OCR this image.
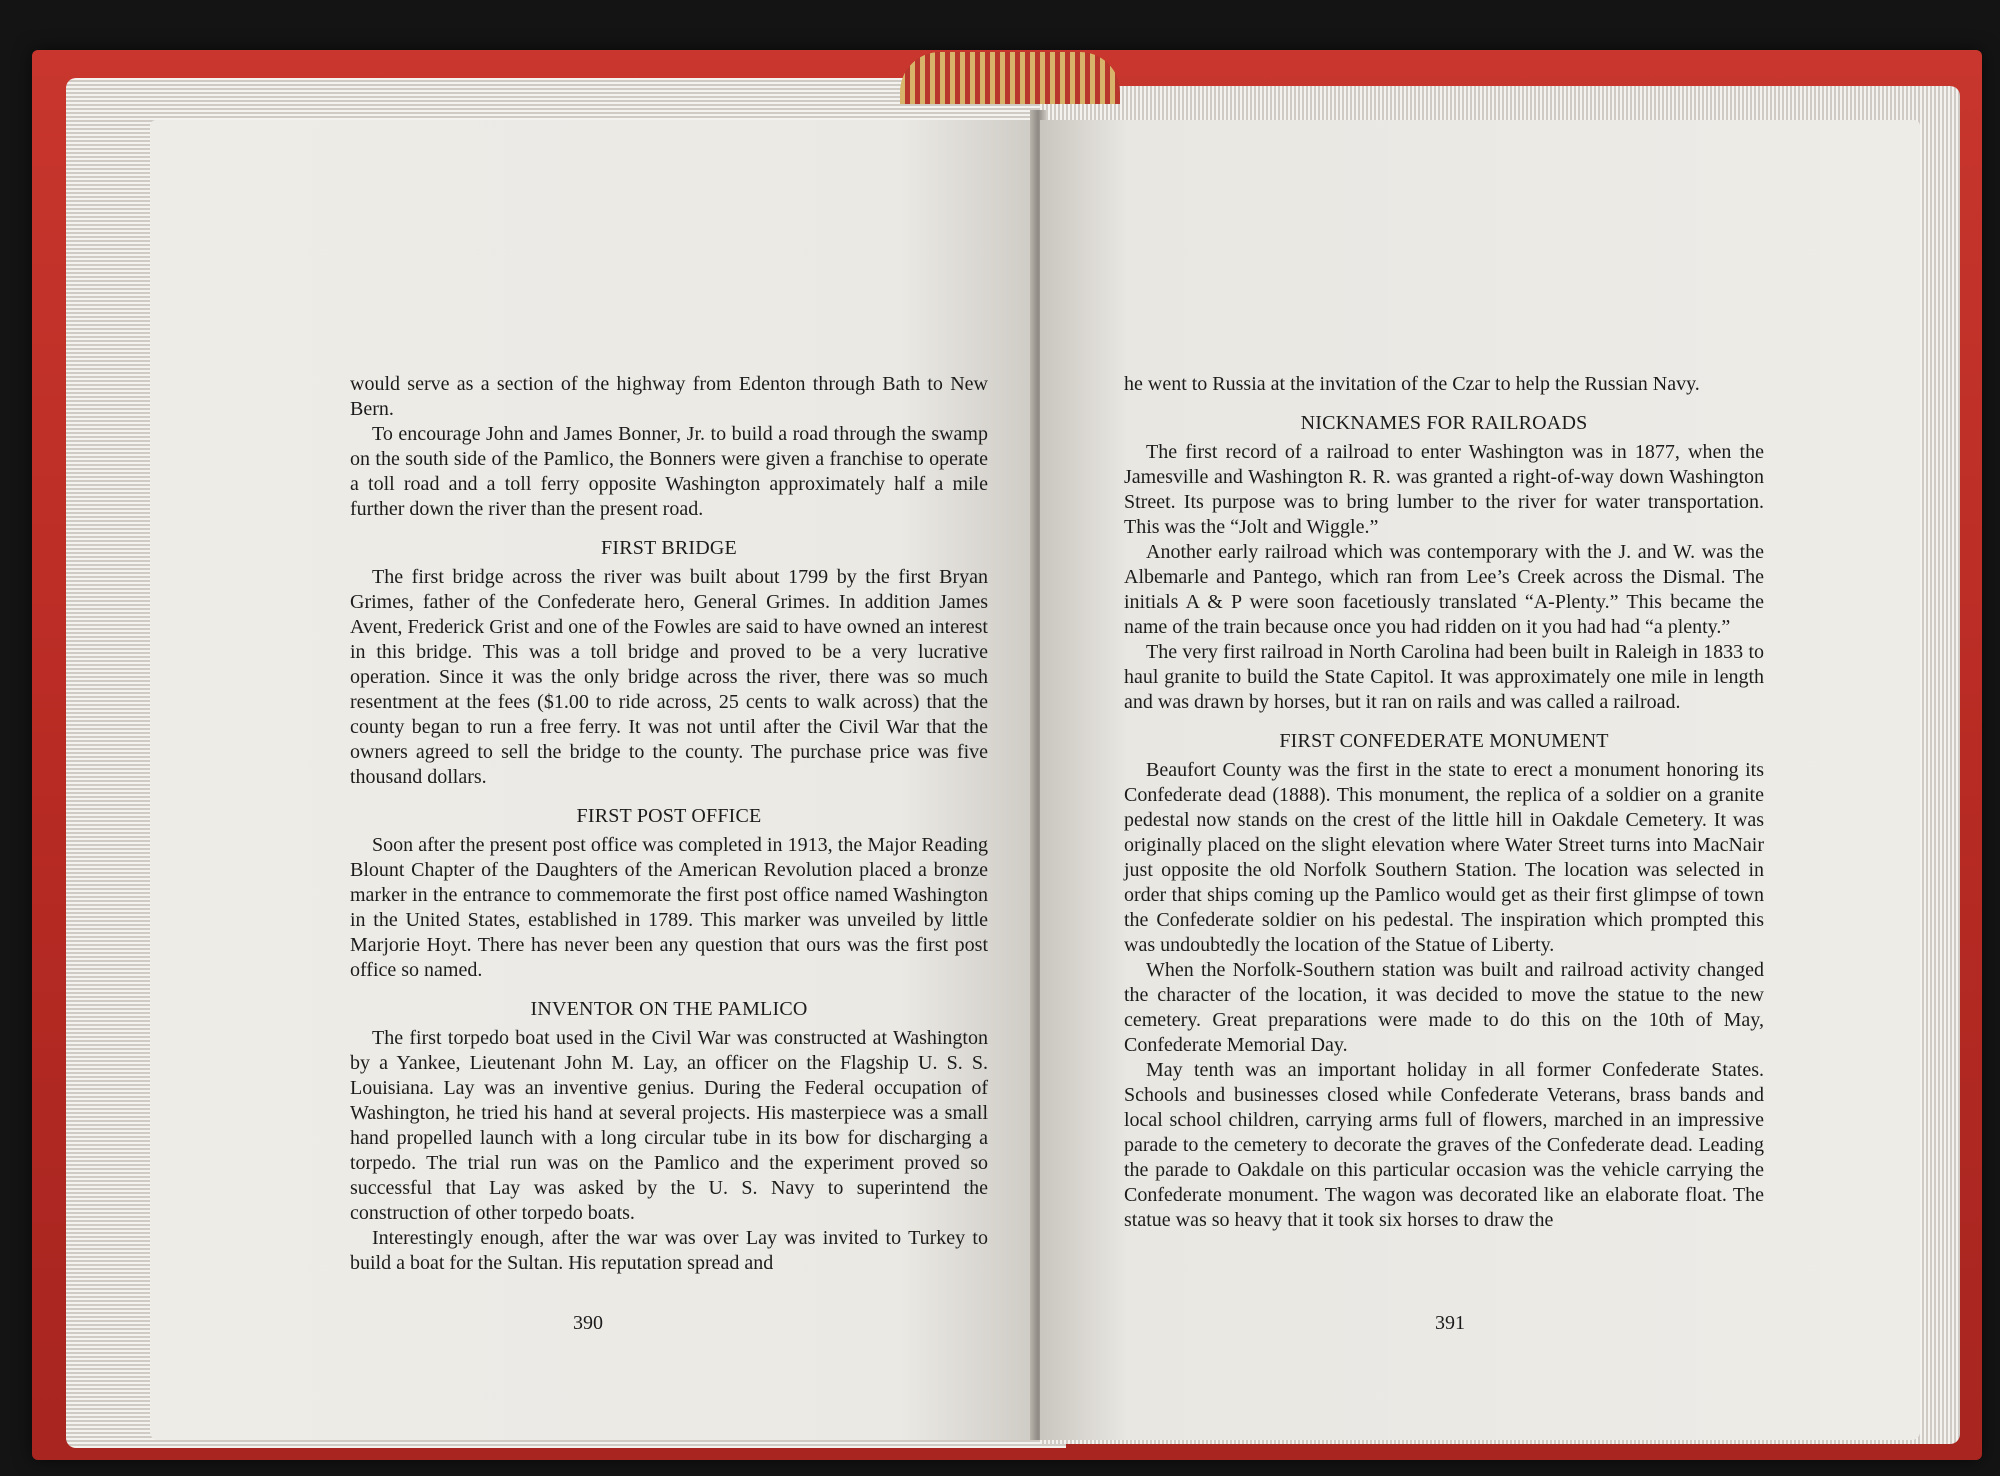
would serve as a section of the highway from Edenton through Bath to New Bern.

To encourage John and James Bonner, Jr. to build a road through the swamp on the south side of the Pamlico, the Bonners were given a franchise to operate a toll road and a toll ferry opposite Washington approximately half a mile further down the river than the present road.

FIRST BRIDGE

The first bridge across the river was built about 1799 by the first Bryan Grimes, father of the Confederate hero, General Grimes. In addition James Avent, Frederick Grist and one of the Fowles are said to have owned an interest in this bridge. This was a toll bridge and proved to be a very lucrative operation. Since it was the only bridge across the river, there was so much resentment at the fees ($1.00 to ride across, 25 cents to walk across) that the county began to run a free ferry. It was not until after the Civil War that the owners agreed to sell the bridge to the county. The purchase price was five thousand dollars.

FIRST POST OFFICE

Soon after the present post office was completed in 1913, the Major Reading Blount Chapter of the Daughters of the American Revolution placed a bronze marker in the entrance to commemorate the first post office named Washington in the United States, established in 1789. This marker was unveiled by little Marjorie Hoyt. There has never been any question that ours was the first post office so named.

INVENTOR ON THE PAMLICO

The first torpedo boat used in the Civil War was constructed at Washington by a Yankee, Lieutenant John M. Lay, an officer on the Flagship U. S. S. Louisiana. Lay was an inventive genius. During the Federal occupation of Washington, he tried his hand at several projects. His masterpiece was a small hand propelled launch with a long circular tube in its bow for discharging a torpedo. The trial run was on the Pamlico and the experiment proved so successful that Lay was asked by the U. S. Navy to superintend the construction of other torpedo boats.

Interestingly enough, after the war was over Lay was invited to Turkey to build a boat for the Sultan. His reputation spread and

390

he went to Russia at the invitation of the Czar to help the Russian Navy.

NICKNAMES FOR RAILROADS

The first record of a railroad to enter Washington was in 1877, when the Jamesville and Washington R. R. was granted a right-of-way down Washington Street. Its purpose was to bring lumber to the river for water transportation. This was the “Jolt and Wiggle.”

Another early railroad which was contemporary with the J. and W. was the Albemarle and Pantego, which ran from Lee’s Creek across the Dismal. The initials A & P were soon facetiously translated “A-Plenty.” This became the name of the train because once you had ridden on it you had had “a plenty.”

The very first railroad in North Carolina had been built in Raleigh in 1833 to haul granite to build the State Capitol. It was approximately one mile in length and was drawn by horses, but it ran on rails and was called a railroad.

FIRST CONFEDERATE MONUMENT

Beaufort County was the first in the state to erect a monument honoring its Confederate dead (1888). This monument, the replica of a soldier on a granite pedestal now stands on the crest of the little hill in Oakdale Cemetery. It was originally placed on the slight elevation where Water Street turns into MacNair just opposite the old Norfolk Southern Station. The location was selected in order that ships coming up the Pamlico would get as their first glimpse of town the Confederate soldier on his pedestal. The inspiration which prompted this was undoubtedly the location of the Statue of Liberty.

When the Norfolk-Southern station was built and railroad activity changed the character of the location, it was decided to move the statue to the new cemetery. Great preparations were made to do this on the 10th of May, Confederate Memorial Day.

May tenth was an important holiday in all former Confederate States. Schools and businesses closed while Confederate Veterans, brass bands and local school children, carrying arms full of flowers, marched in an impressive parade to the cemetery to decorate the graves of the Confederate dead. Leading the parade to Oakdale on this particular occasion was the vehicle carrying the Confederate monument. The wagon was decorated like an elaborate float. The statue was so heavy that it took six horses to draw the

391
